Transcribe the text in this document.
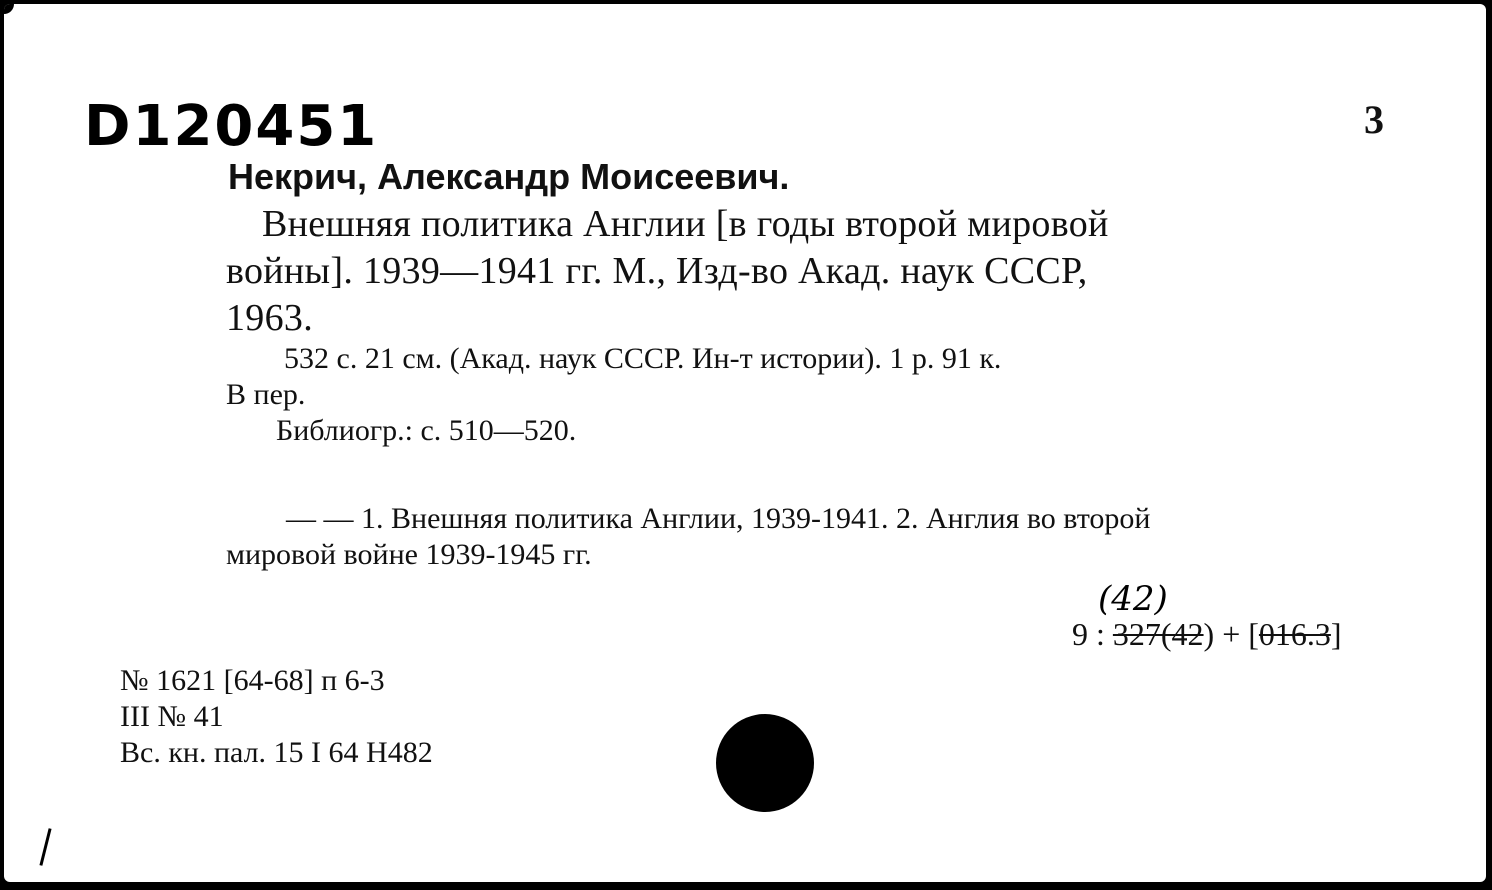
D120451	3
Некрич, Александр Моисеевич.
Внешняя политика Англии [в годы второй мировой
войны]. 1939—1941 гг. М., Изд-во Акад. наук СССР,
1963.
532 с. 21 см. (Акад. наук СССР. Ин-т истории). 1 р. 91 к.
В пер.
Библиогр.: с. 510—520.
— — 1. Внешняя политика Англии, 1939-1941. 2. Англия во второй
мировой войне 1939-1945 гг.
(42)
9 : 327(42) + [016.3]
№ 1621 [64-68] п 6-3
III № 41
Вс. кн. пал. 15 I 64 Н482
